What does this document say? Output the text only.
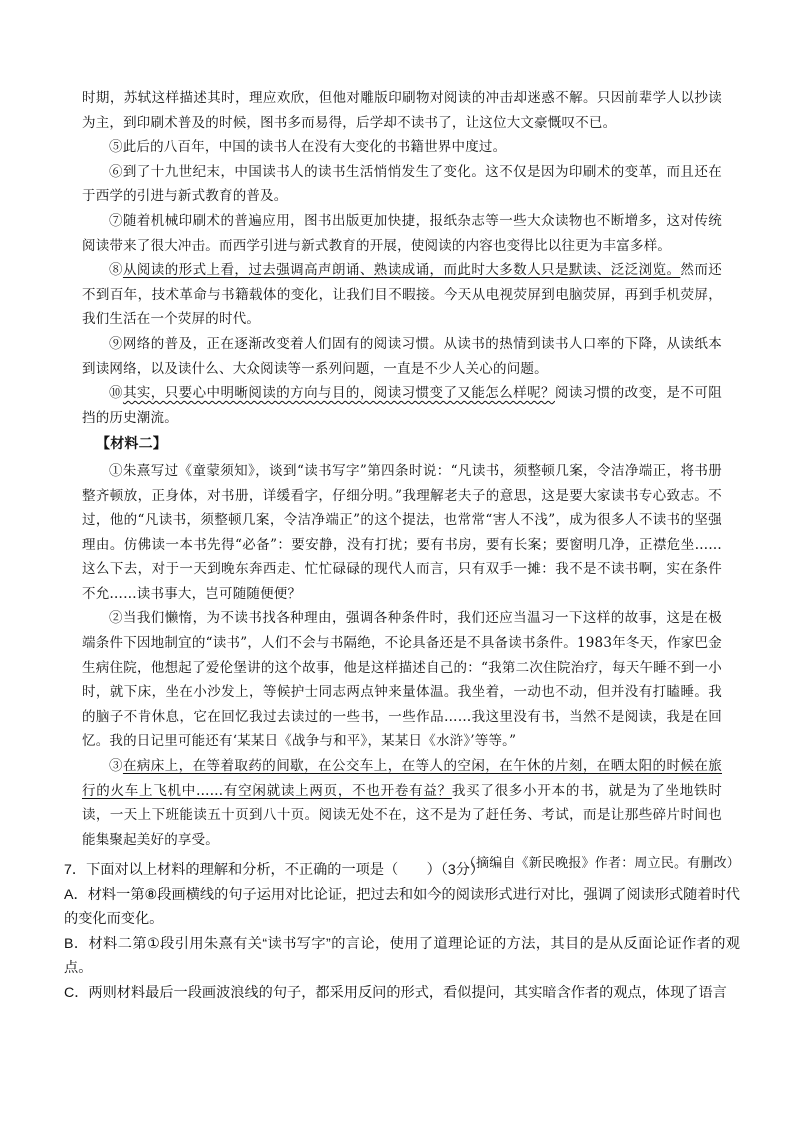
时期，苏轼这样描述其时，理应欢欣，但他对雕版印刷物对阅读的冲击却迷惑不解。只因前辈学人以抄读为主，到印刷术普及的时候，图书多而易得，后学却不读书了，让这位大文豪慨叹不已。

⑤此后的八百年，中国的读书人在没有大变化的书籍世界中度过。

⑥到了十九世纪末，中国读书人的读书生活悄悄发生了变化。这不仅是因为印刷术的变革，而且还在于西学的引进与新式教育的普及。

⑦随着机械印刷术的普遍应用，图书出版更加快捷，报纸杂志等一些大众读物也不断增多，这对传统阅读带来了很大冲击。而西学引进与新式教育的开展，使阅读的内容也变得比以往更为丰富多样。

⑧从阅读的形式上看，过去强调高声朗诵、熟读成诵，而此时大多数人只是默读、泛泛浏览。然而还不到百年，技术革命与书籍载体的变化，让我们目不暇接。今天从电视荧屏到电脑荧屏，再到手机荧屏，我们生活在一个荧屏的时代。

⑨网络的普及，正在逐渐改变着人们固有的阅读习惯。从读书的热情到读书人口率的下降，从读纸本到读网络，以及读什么、大众阅读等一系列问题，一直是不少人关心的问题。

⑩其实，只要心中明晰阅读的方向与目的，阅读习惯变了又能怎么样呢？阅读习惯的改变，是不可阻挡的历史潮流。

【材料二】

①朱熹写过《童蒙须知》，谈到“读书写字”第四条时说：“凡读书，须整顿几案，令洁净端正，将书册整齐顿放，正身体，对书册，详缓看字，仔细分明。”我理解老夫子的意思，这是要大家读书专心致志。不过，他的“凡读书，须整顿几案，令洁净端正”的这个提法，也常常“害人不浅”，成为很多人不读书的坚强理由。仿佛读一本书先得“必备”：要安静，没有打扰；要有书房，要有长案；要窗明几净，正襟危坐……这么下去，对于一天到晚东奔西走、忙忙碌碌的现代人而言，只有双手一摊：我不是不读书啊，实在条件不允……读书事大，岂可随随便便？

②当我们懒惰，为不读书找各种理由，强调各种条件时，我们还应当温习一下这样的故事，这是在极端条件下因地制宜的“读书”，人们不会与书隔绝，不论具备还是不具备读书条件。1983年冬天，作家巴金生病住院，他想起了爱伦堡讲的这个故事，他是这样描述自己的：“我第二次住院治疗，每天午睡不到一小时，就下床，坐在小沙发上，等候护士同志两点钟来量体温。我坐着，一动也不动，但并没有打瞌睡。我的脑子不肯休息，它在回忆我过去读过的一些书，一些作品……我这里没有书，当然不是阅读，我是在回忆。我的日记里可能还有‘某某日《战争与和平》，某某日《水浒》’等等。”

③在病床上，在等着取药的间歇，在公交车上，在等人的空闲，在午休的片刻，在晒太阳的时候在旅行的火车上飞机中……有空闲就读上两页，不也开卷有益？我买了很多小开本的书，就是为了坐地铁时读，一天上下班能读五十页到八十页。阅读无处不在，这不是为了赶任务、考试，而是让那些碎片时间也能集聚起美好的享受。

（摘编自《新民晚报》作者：周立民。有删改）

7．下面对以上材料的理解和分析，不正确的一项是（　　）（3分）

A．材料一第⑧段画横线的句子运用对比论证，把过去和如今的阅读形式进行对比，强调了阅读形式随着时代的变化而变化。

B．材料二第①段引用朱熹有关“读书写字”的言论，使用了道理论证的方法，其目的是从反面论证作者的观点。

C．两则材料最后一段画波浪线的句子，都采用反问的形式，看似提问，其实暗含作者的观点，体现了语言
